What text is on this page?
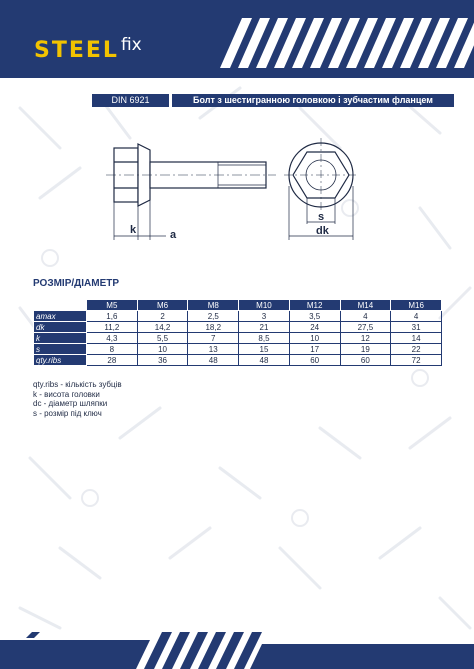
STEEL fix
DIN 6921	Болт з шестигранною головкою і зубчастим фланцем
k	a
s
dk
РОЗМІР/ДІАМЕТР
	M5	M6	M8	M10	M12	M14	M16
amax	1,6	2	2,5	3	3,5	4	4
dk	11,2	14,2	18,2	21	24	27,5	31
k	4,3	5,5	7	8,5	10	12	14
s	8	10	13	15	17	19	22
qty.ribs	28	36	48	48	60	60	72
qty.ribs - кількість зубців
k - висота головки
dc - діаметр шляпки
s - розмір під ключ
